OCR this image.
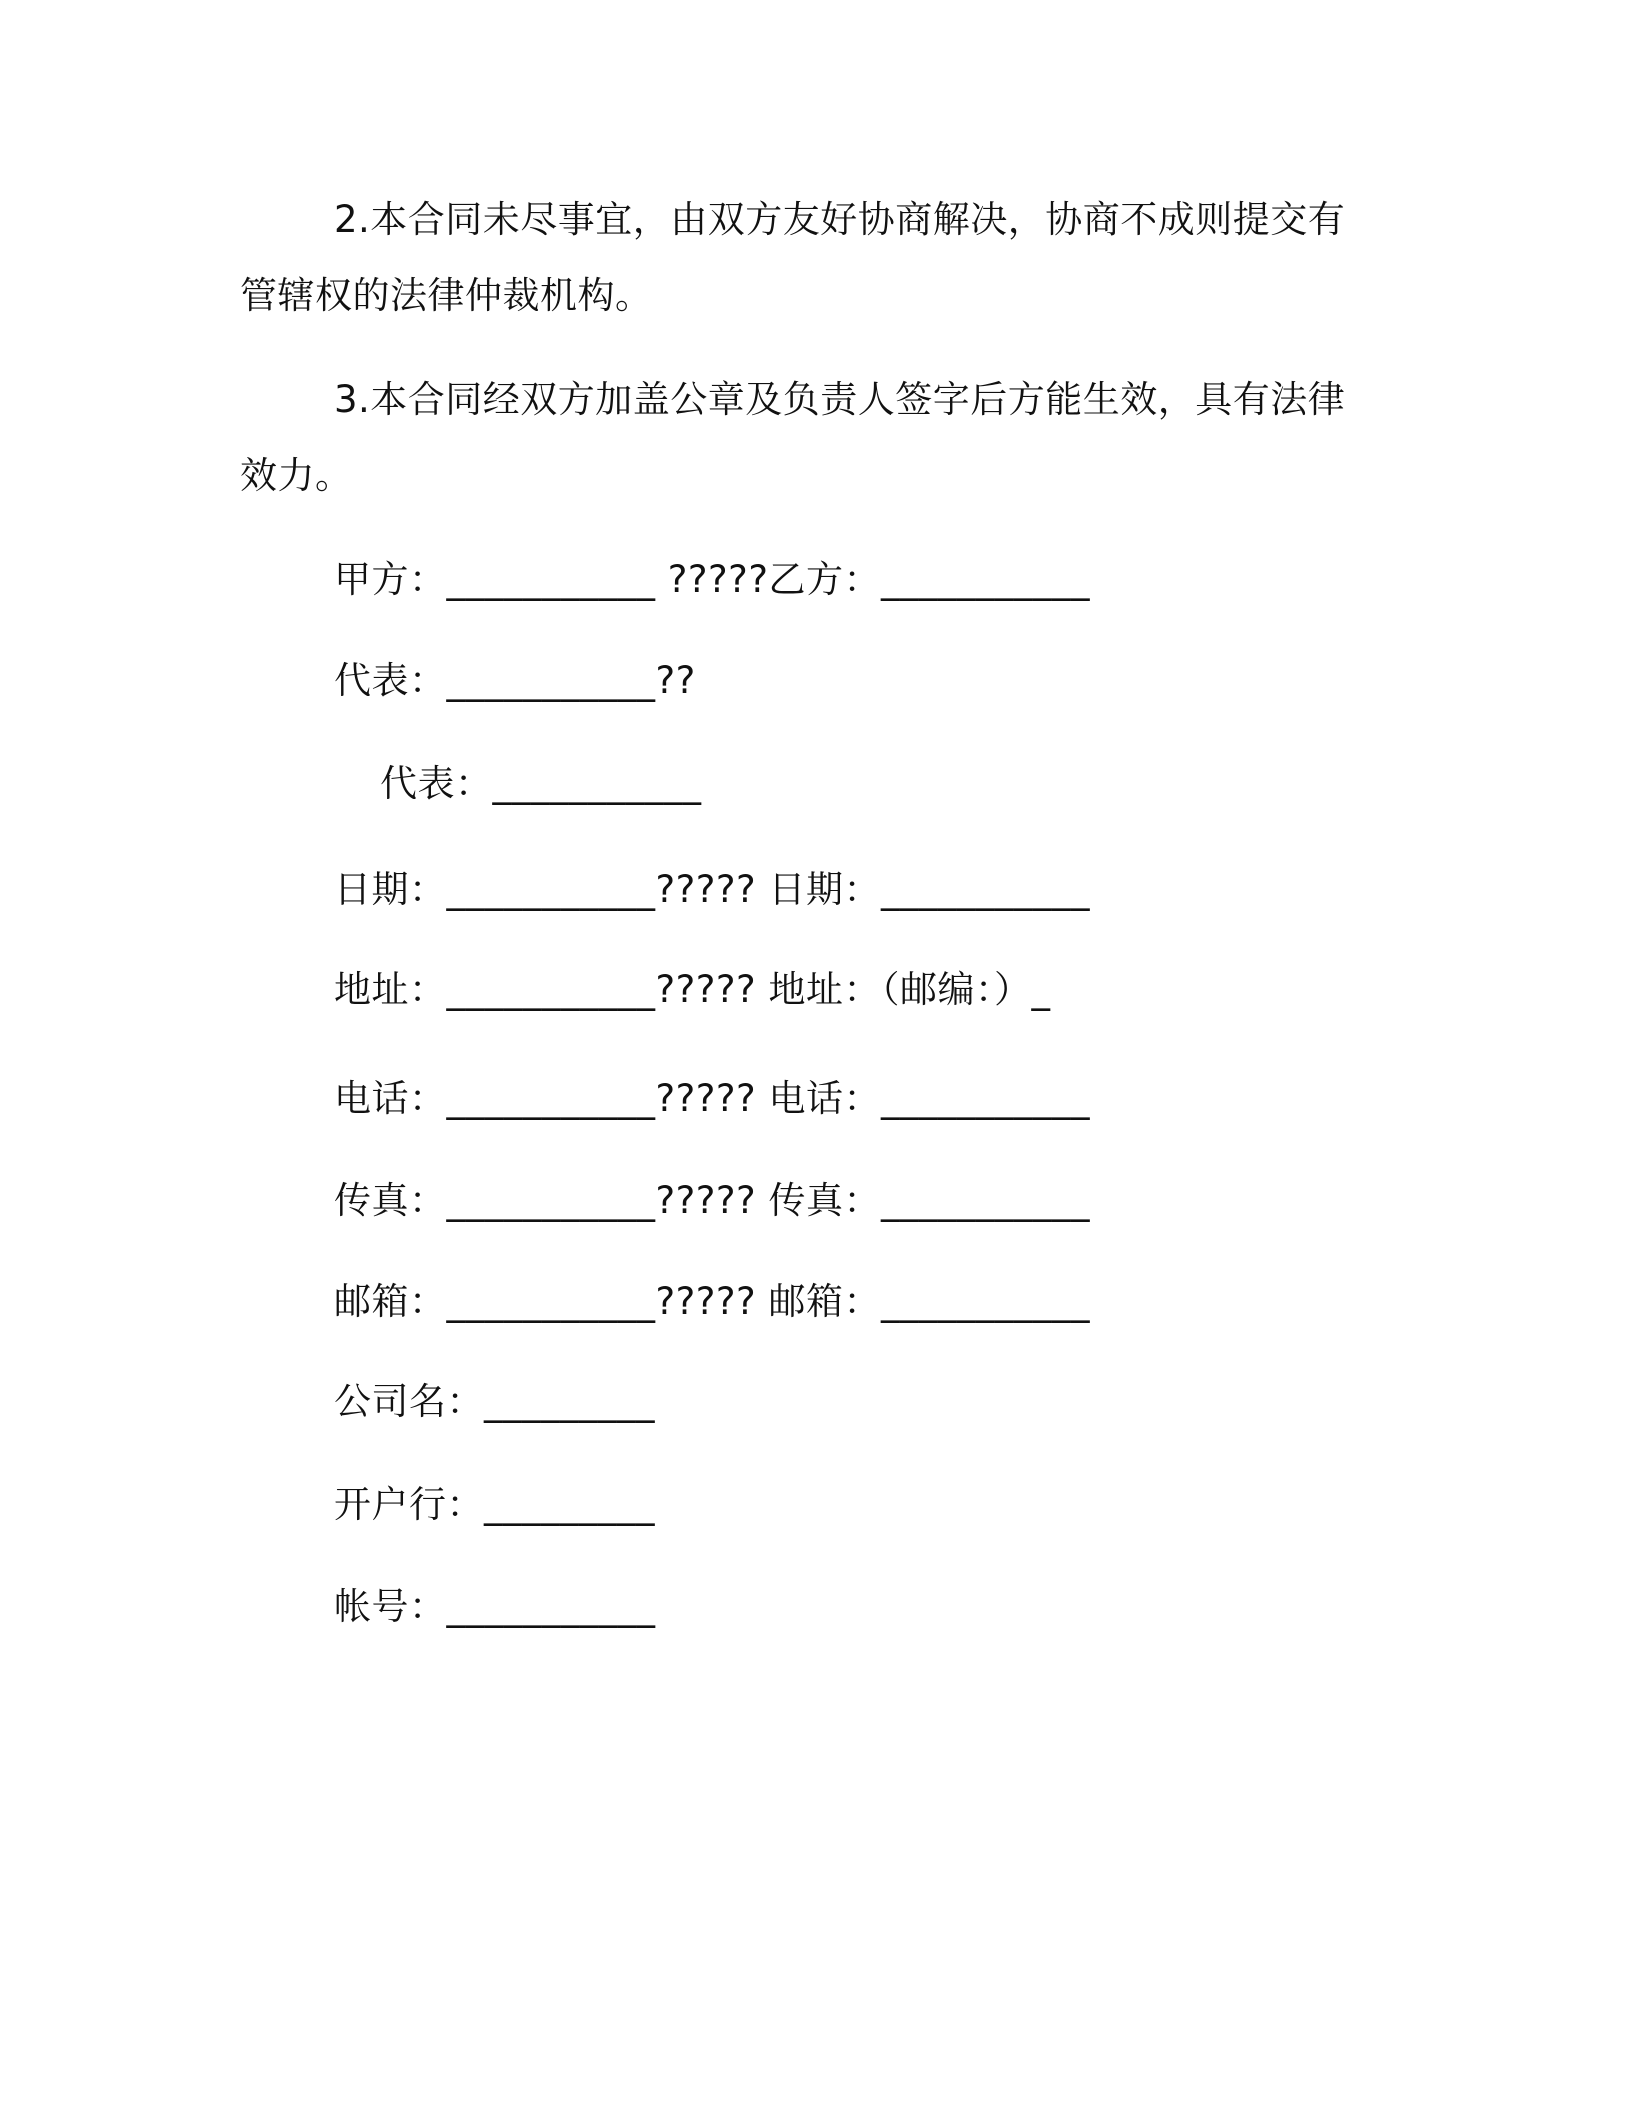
2.本合同未尽事宜，由双方友好协商解决，协商不成则提交有管辖权的法律仲裁机构。

3.本合同经双方加盖公章及负责人签字后方能生效，具有法律效力。

甲方：___________ ?????乙方：___________
代表：___________??
代表：___________
日期：___________????? 日期：___________
地址：___________????? 地址：（邮编：）_
电话：___________????? 电话：___________
传真：___________????? 传真：___________
邮箱：___________????? 邮箱：___________
公司名：_________
开户行：_________
帐号：___________
